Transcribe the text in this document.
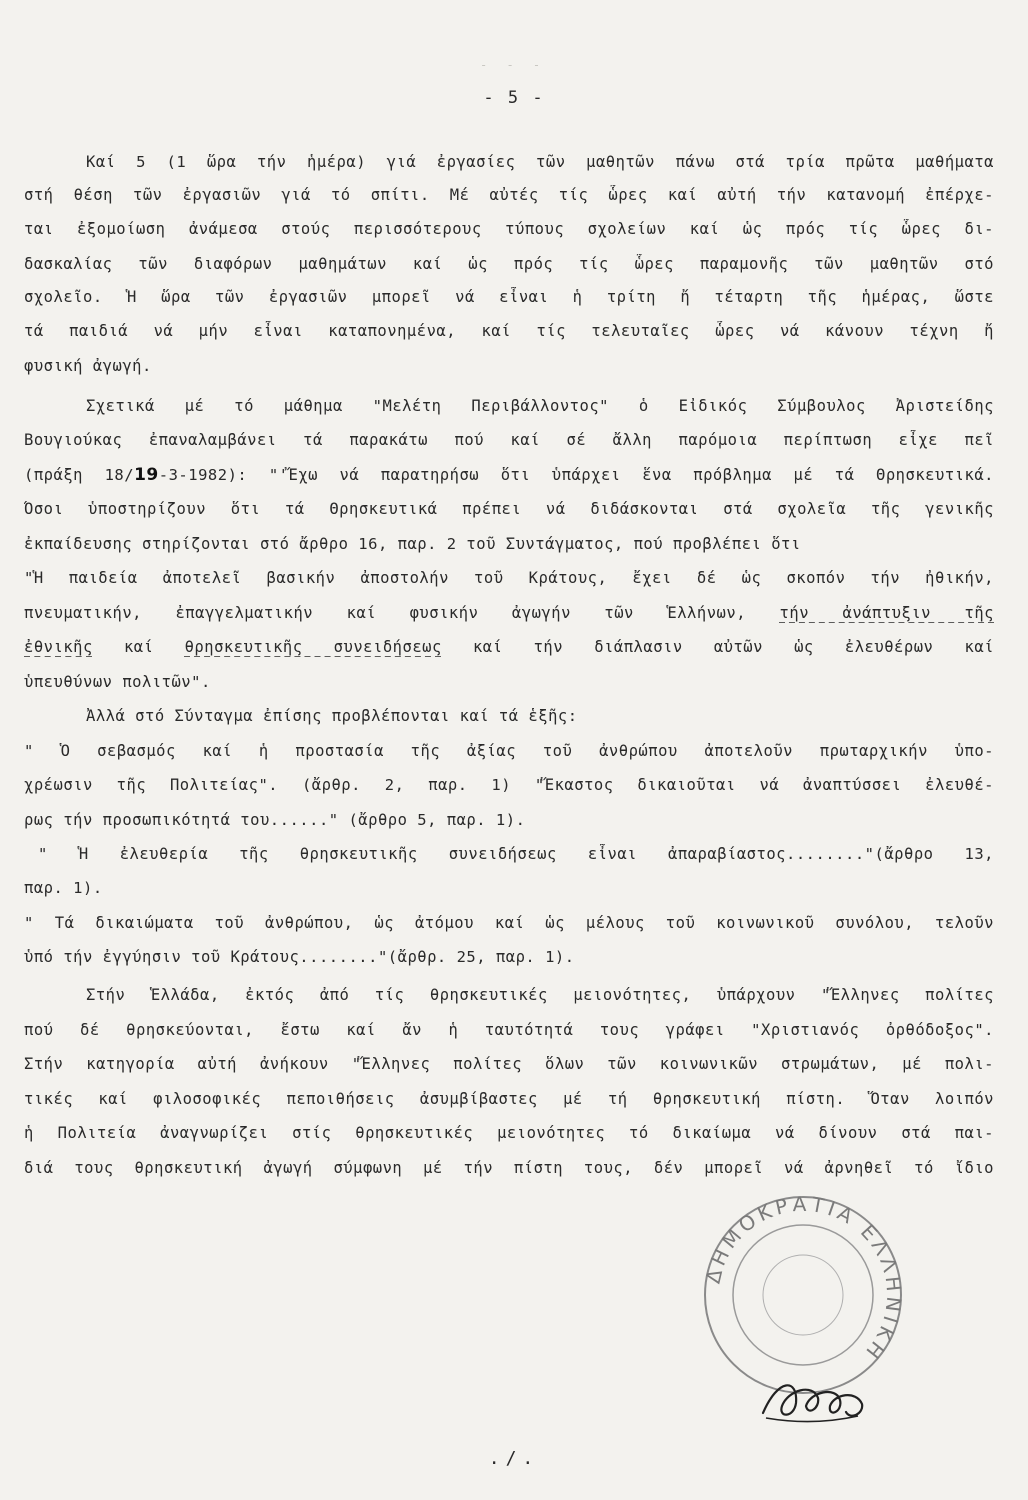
- - -
- 5 -
Καί 5 (1 ὥρα τήν ἡμέρα) γιά ἐργασίες τῶν μαθητῶν πάνω στά τρία πρῶτα μαθήματα
στή θέση τῶν ἐργασιῶν γιά τό σπίτι. Μέ αὐτές τίς ὧρες καί αὐτή τήν κατανομή ἐπέρχε-
ται ἐξομοίωση ἀνάμεσα στούς περισσότερους τύπους σχολείων καί ὡς πρός τίς ὧρες δι-
δασκαλίας τῶν διαφόρων μαθημάτων καί ὡς πρός τίς ὧρες παραμονῆς τῶν μαθητῶν στό
σχολεῖο. Ἡ ὥρα τῶν ἐργασιῶν μπορεῖ νά εἶναι ἡ τρίτη ἤ τέταρτη τῆς ἡμέρας, ὥστε
τά παιδιά νά μήν εἶναι καταπονημένα, καί τίς τελευταῖες ὧρες νά κάνουν τέχνη ἤ
φυσική ἀγωγή.
Σχετικά μέ τό μάθημα "Μελέτη Περιβάλλοντος" ὁ Εἰδικός Σύμβουλος Ἀριστείδης
Βουγιούκας ἐπαναλαμβάνει τά παρακάτω πού καί σέ ἄλλη παρόμοια περίπτωση εἶχε πεῖ
(πράξη 18/19-3-1982): "'Ἔχω νά παρατηρήσω ὅτι ὑπάρχει ἕνα πρόβλημα μέ τά Θρησκευτικά.
Ὅσοι ὑποστηρίζουν ὅτι τά Θρησκευτικά πρέπει νά διδάσκονται στά σχολεῖα τῆς γενικῆς
ἐκπαίδευσης στηρίζονται στό ἄρθρο 16, παρ. 2 τοῦ Συντάγματος, πού προβλέπει ὅτι
"Ἡ παιδεία ἀποτελεῖ βασικήν ἀποστολήν τοῦ Κράτους, ἔχει δέ ὡς σκοπόν τήν ἠθικήν,
πνευματικήν, ἐπαγγελματικήν καί φυσικήν ἀγωγήν τῶν Ἑλλήνων, τήν ἀνάπτυξιν τῆς
ἐθνικῆς καί θρησκευτικῆς συνειδήσεως καί τήν διάπλασιν αὐτῶν ὡς ἐλευθέρων καί
ὑπευθύνων πολιτῶν".
Ἀλλά στό Σύνταγμα ἐπίσης προβλέπονται καί τά ἑξῆς:
" Ὁ σεβασμός καί ἡ προστασία τῆς ἀξίας τοῦ ἀνθρώπου ἀποτελοῦν πρωταρχικήν ὑπο-
χρέωσιν τῆς Πολιτείας". (ἄρθρ. 2, παρ. 1) "Ἕκαστος δικαιοῦται νά ἀναπτύσσει ἐλευθέ-
ρως τήν προσωπικότητά του......" (ἄρθρο 5, παρ. 1).
" Ἡ ἐλευθερία τῆς θρησκευτικῆς συνειδήσεως εἶναι ἀπαραβίαστος........"(ἄρθρο 13,
παρ. 1).
" Τά δικαιώματα τοῦ ἀνθρώπου, ὡς ἀτόμου καί ὡς μέλους τοῦ κοινωνικοῦ συνόλου, τελοῦν
ὑπό τήν ἐγγύησιν τοῦ Κράτους........"(ἄρθρ. 25, παρ. 1).
Στήν Ἑλλάδα, ἐκτός ἀπό τίς θρησκευτικές μειονότητες, ὑπάρχουν "Ἕλληνες πολίτες
πού δέ θρησκεύονται, ἔστω καί ἄν ἡ ταυτότητά τους γράφει "Χριστιανός ὀρθόδοξος".
Στήν κατηγορία αὐτή ἀνήκουν "Ἕλληνες πολίτες ὅλων τῶν κοινωνικῶν στρωμάτων, μέ πολι-
τικές καί φιλοσοφικές πεποιθήσεις ἀσυμβίβαστες μέ τή θρησκευτική πίστη. Ὅταν λοιπόν
ἡ Πολιτεία ἀναγνωρίζει στίς θρησκευτικές μειονότητες τό δικαίωμα νά δίνουν στά παι-
διά τους θρησκευτική ἀγωγή σύμφωνη μέ τήν πίστη τους, δέν μπορεῖ νά ἀρνηθεῖ τό ἴδιο
ΔΗΜΟΚΡΑΤΙΑ ΕΛΛΗΝΙΚΗ
./.
